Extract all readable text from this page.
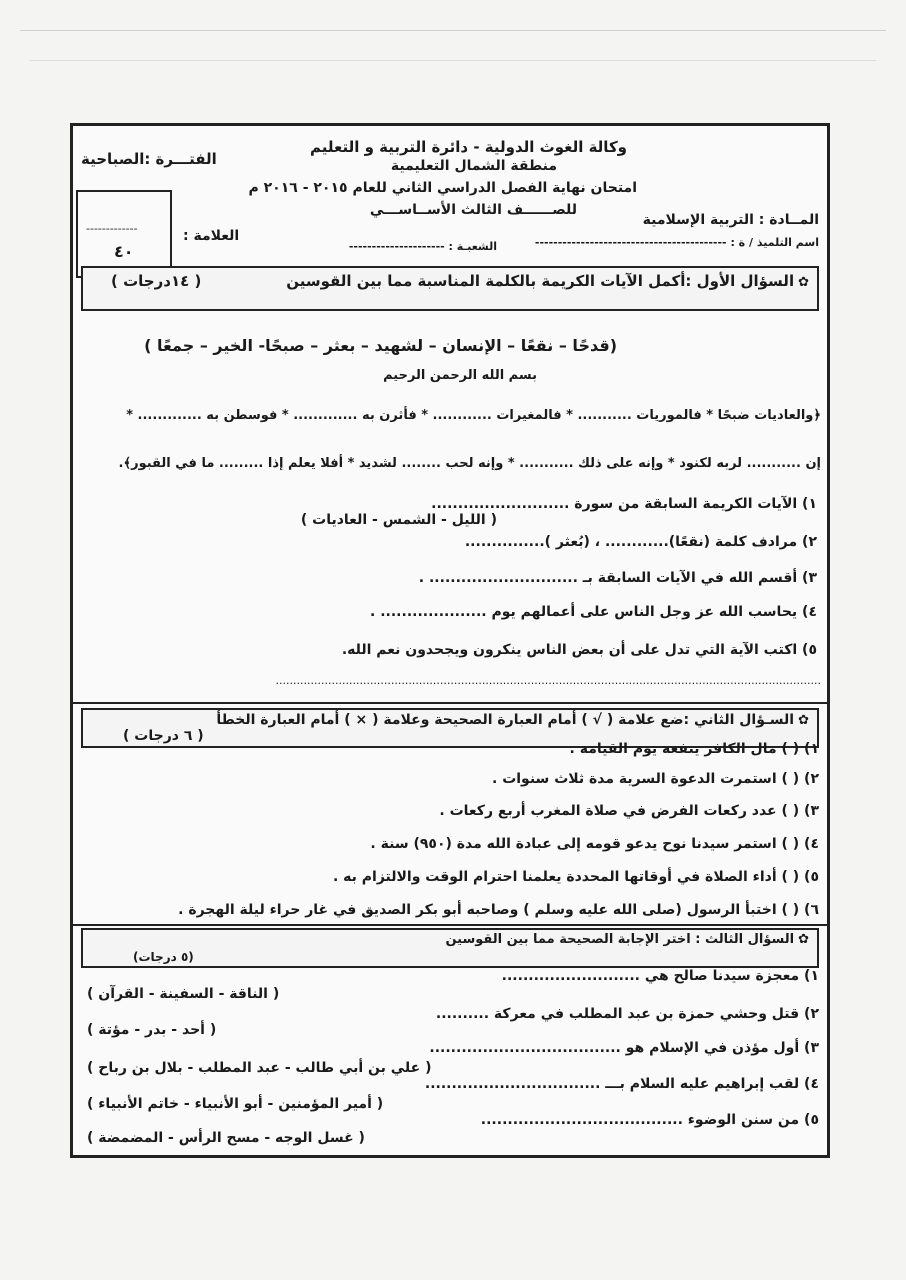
وكالة الغوث الدولية - دائرة التربية و التعليم
الفتـــرة :الصباحية	منطقة الشمال التعليمية
امتحان نهاية الفصل الدراسي الثاني للعام ٢٠١٥ - ٢٠١٦ م
للصــــــف الثالث الأســاســـي
المــادة : التربية الإسلامية
اسم التلميذ / ة : ------------------------------------------
الشعبـة : ---------------------
العلامة :
-------------
٤٠
✿السؤال الأول :أكمل الآيات الكريمة بالكلمة المناسبة مما بين القوسين
( ١٤درجات )
(قدحًا – نقعًا – الإنسان – لشهيد – بعثر – صبحًا- الخير – جمعًا )
بسم الله الرحمن الرحيم
﴿والعاديات ضبحًا * فالموريات ........... * فالمغيرات ............ * فأثرن به ............. * فوسطن به ............. *
إن ........... لربه لكنود * وإنه على ذلك ........... * وإنه لحب ........ لشديد * أفلا يعلم إذا ......... ما في القبور﴾.
١) الآيات الكريمة السابقة من سورة ..........................
( الليل - الشمس - العاديات )
٢) مرادف كلمة (نقعًا)............ ، (بُعثر )...............
٣) أقسم الله في الآيات السابقة بـ ............................ .
٤) يحاسب الله عز وجل الناس على أعمالهم يوم .................... .
٥) اكتب الآية التي تدل على أن بعض الناس ينكرون ويجحدون نعم الله.
............................................................................................................................................................
✿السـؤال الثاني :ضع علامة ( √ ) أمام العبارة الصحيحة وعلامة ( × ) أمام العبارة الخطأ
( ٦ درجات )
١) ( ) مال الكافر ينفعه يوم القيامة .
٢) ( ) استمرت الدعوة السرية مدة ثلاث سنوات .
٣) ( ) عدد ركعات الفرض في صلاة المغرب أربع ركعات .
٤) ( ) استمر سيدنا نوح يدعو قومه إلى عبادة الله مدة (٩٥٠) سنة .
٥) ( ) أداء الصلاة في أوقاتها المحددة يعلمنا احترام الوقت والالتزام به .
٦) ( ) اختبأ الرسول (صلى الله عليه وسلم ) وصاحبه أبو بكر الصديق في غار حراء ليلة الهجرة .
✿السؤال الثالث : اختر الإجابة الصحيحة مما بين القوسين
(٥ درجات)
١) معجزة سيدنا صالح هي ..........................
( الناقة - السفينة - القرآن )
٢) قتل وحشي حمزة بن عبد المطلب في معركة ..........
( أحد - بدر - مؤتة )
٣) أول مؤذن في الإسلام هو ....................................
( علي بن أبي طالب - عبد المطلب - بلال بن رباح )
٤) لقب إبراهيم عليه السلام بـــ .................................
( أمير المؤمنين - أبو الأنبياء - خاتم الأنبياء )
٥) من سنن الوضوء ......................................
( غسل الوجه - مسح الرأس - المضمضة )
